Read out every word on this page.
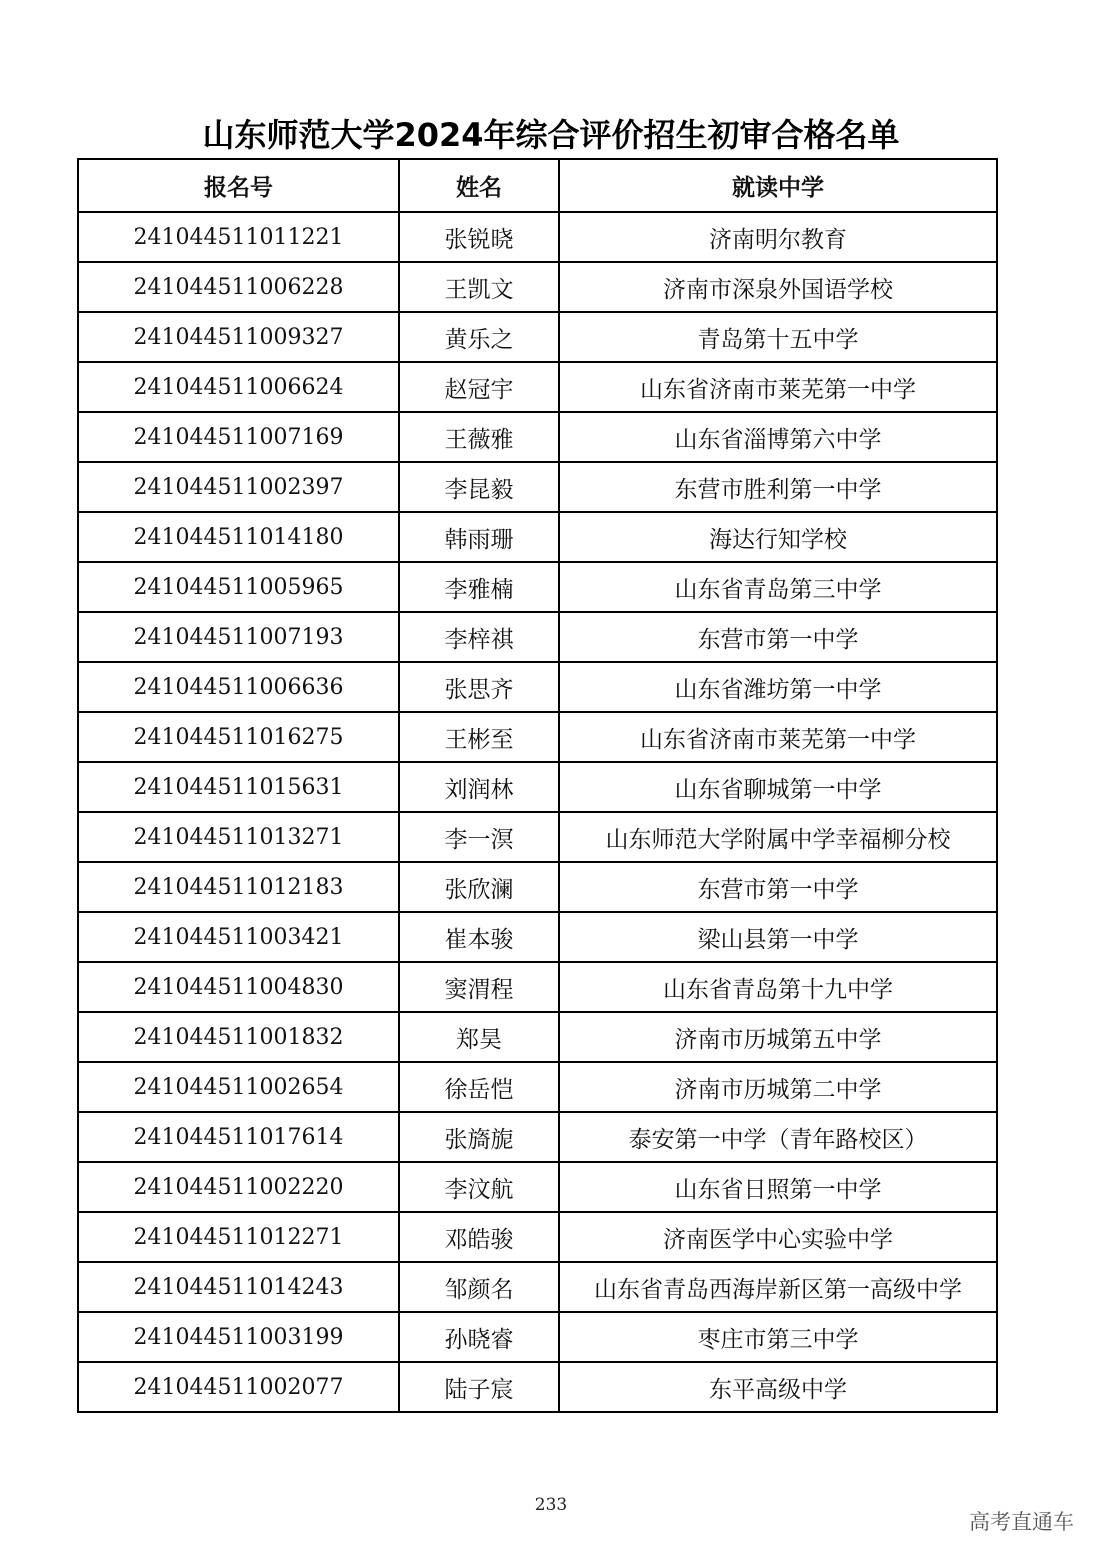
山东师范大学2024年综合评价招生初审合格名单
报名号	姓名	就读中学
241044511011221	张锐晓	济南明尔教育
241044511006228	王凯文	济南市深泉外国语学校
241044511009327	黄乐之	青岛第十五中学
241044511006624	赵冠宇	山东省济南市莱芜第一中学
241044511007169	王薇雅	山东省淄博第六中学
241044511002397	李昆毅	东营市胜利第一中学
241044511014180	韩雨珊	海达行知学校
241044511005965	李雅楠	山东省青岛第三中学
241044511007193	李梓祺	东营市第一中学
241044511006636	张思齐	山东省潍坊第一中学
241044511016275	王彬至	山东省济南市莱芜第一中学
241044511015631	刘润林	山东省聊城第一中学
241044511013271	李一溟	山东师范大学附属中学幸福柳分校
241044511012183	张欣澜	东营市第一中学
241044511003421	崔本骏	梁山县第一中学
241044511004830	窦渭程	山东省青岛第十九中学
241044511001832	郑昊	济南市历城第五中学
241044511002654	徐岳恺	济南市历城第二中学
241044511017614	张旖旎	泰安第一中学（青年路校区）
241044511002220	李汶航	山东省日照第一中学
241044511012271	邓皓骏	济南医学中心实验中学
241044511014243	邹颜名	山东省青岛西海岸新区第一高级中学
241044511003199	孙晓睿	枣庄市第三中学
241044511002077	陆子宸	东平高级中学
233
高考直通车
